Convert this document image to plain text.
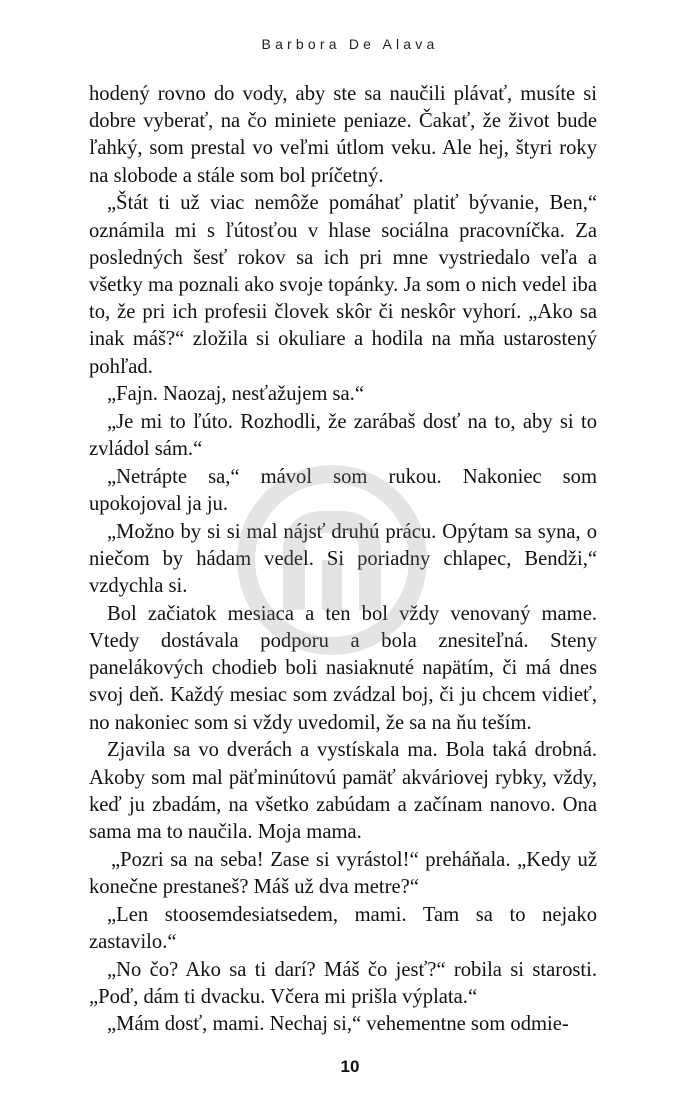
Barbora De Alava

hodený rovno do vody, aby ste sa naučili plávať, musíte si dobre vyberať, na čo miniete peniaze. Čakať, že život bude ľahký, som prestal vo veľmi útlom veku. Ale hej, štyri roky na slobode a stále som bol príčetný.

„Štát ti už viac nemôže pomáhať platiť bývanie, Ben,“ oznámila mi s ľútosťou v hlase sociálna pracovníčka. Za posledných šesť rokov sa ich pri mne vystriedalo veľa a všetky ma poznali ako svoje topánky. Ja som o nich vedel iba to, že pri ich profesii človek skôr či neskôr vyhorí. „Ako sa inak máš?“ zložila si okuliare a hodila na mňa ustarostený pohľad.

„Fajn. Naozaj, nesťažujem sa.“

„Je mi to ľúto. Rozhodli, že zarábaš dosť na to, aby si to zvládol sám.“

„Netrápte sa,“ mávol som rukou. Nakoniec som upokojoval ja ju.

„Možno by si si mal nájsť druhú prácu. Opýtam sa syna, o niečom by hádam vedel. Si poriadny chlapec, Bendži,“ vzdychla si.

Bol začiatok mesiaca a ten bol vždy venovaný mame. Vtedy dostávala podporu a bola znesiteľná. Steny panelákových chodieb boli nasiaknuté napätím, či má dnes svoj deň. Každý mesiac som zvádzal boj, či ju chcem vidieť, no nakoniec som si vždy uvedomil, že sa na ňu teším.

Zjavila sa vo dverách a vystískala ma. Bola taká drobná. Akoby som mal päťminútovú pamäť akváriovej rybky, vždy, keď ju zbadám, na všetko zabúdam a začínam nanovo. Ona sama ma to naučila. Moja mama.

„Pozri sa na seba! Zase si vyrástol!“ preháňala. „Kedy už konečne prestaneš? Máš už dva metre?“

„Len stoosemdesiatsedem, mami. Tam sa to nejako zastavilo.“

„No čo? Ako sa ti darí? Máš čo jesť?“ robila si starosti. „Poď, dám ti dvacku. Včera mi prišla výplata.“

„Mám dosť, mami. Nechaj si,“ vehementne som odmie-

10
